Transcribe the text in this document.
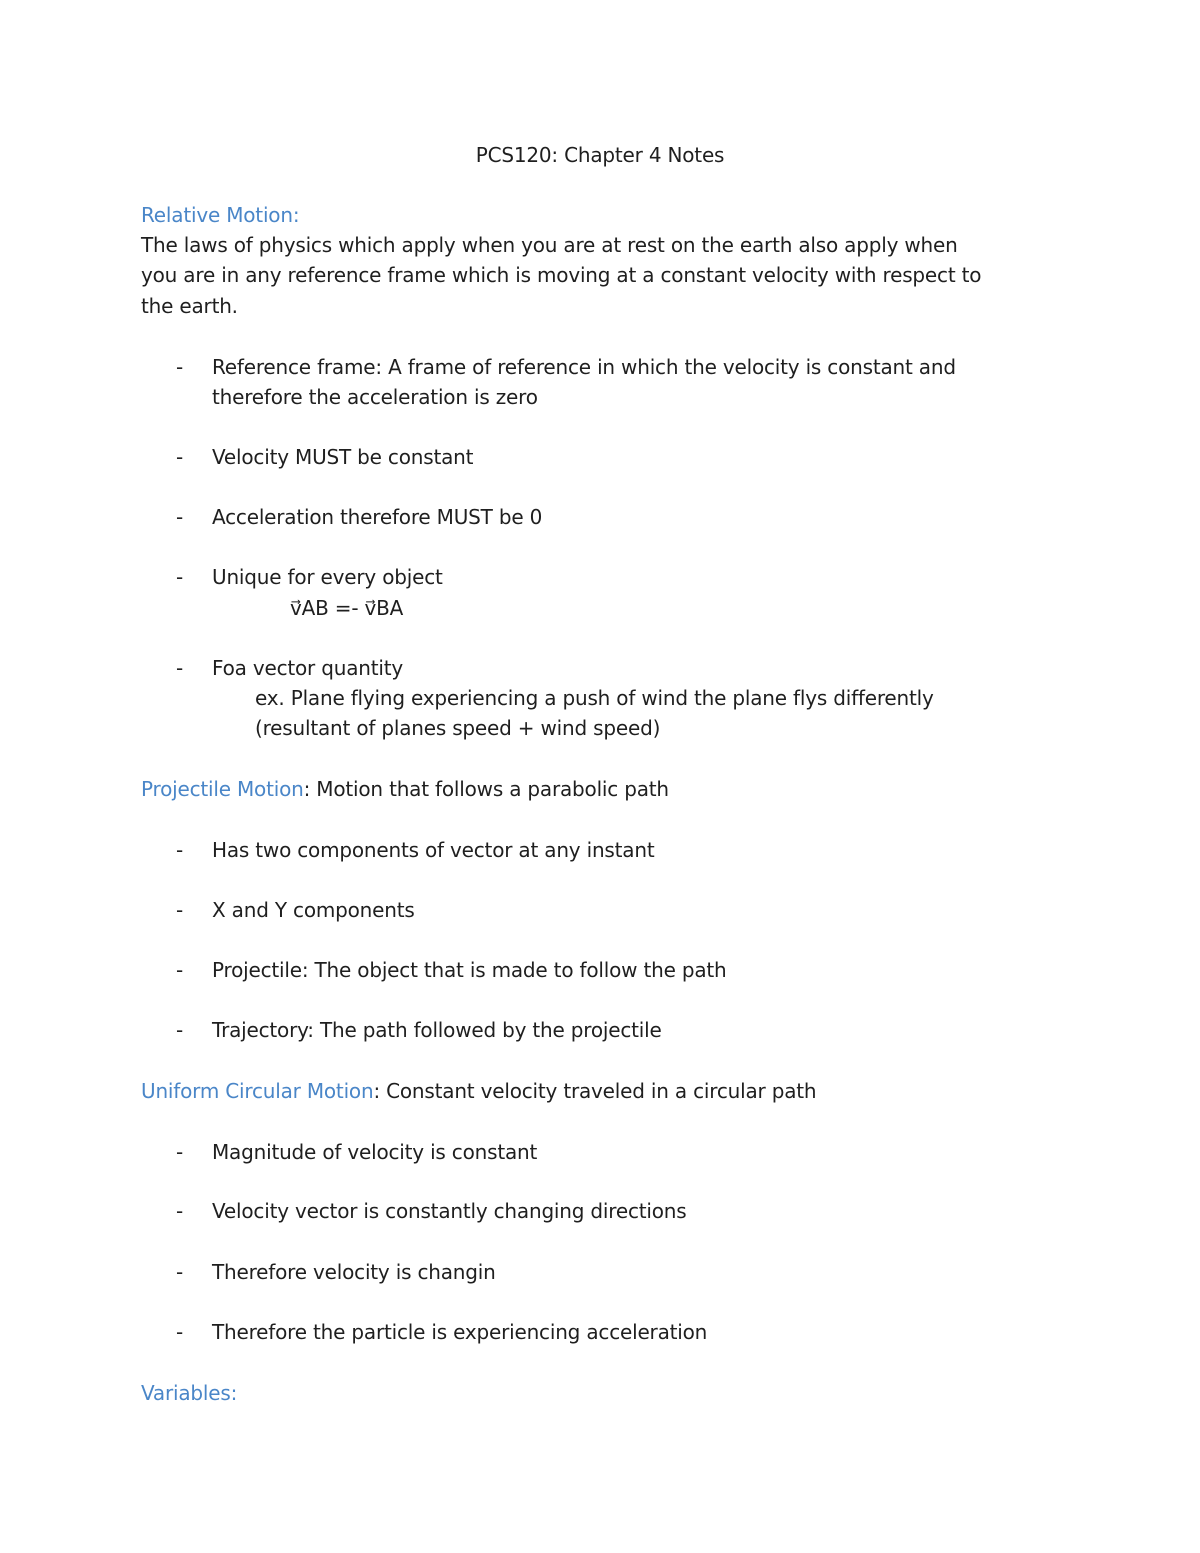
PCS120: Chapter 4 Notes
Relative Motion:
The laws of physics which apply when you are at rest on the earth also apply when
you are in any reference frame which is moving at a constant velocity with respect to
the earth.
- Reference frame: A frame of reference in which the velocity is constant and
therefore the acceleration is zero
- Velocity MUST be constant
- Acceleration therefore MUST be 0
- Unique for every object
v⃗AB =- v⃗BA
- Foa vector quantity
ex. Plane flying experiencing a push of wind the plane flys differently
(resultant of planes speed + wind speed)
Projectile Motion: Motion that follows a parabolic path
- Has two components of vector at any instant
- X and Y components
- Projectile: The object that is made to follow the path
- Trajectory: The path followed by the projectile
Uniform Circular Motion: Constant velocity traveled in a circular path
- Magnitude of velocity is constant
- Velocity vector is constantly changing directions
- Therefore velocity is changin
- Therefore the particle is experiencing acceleration
Variables:
